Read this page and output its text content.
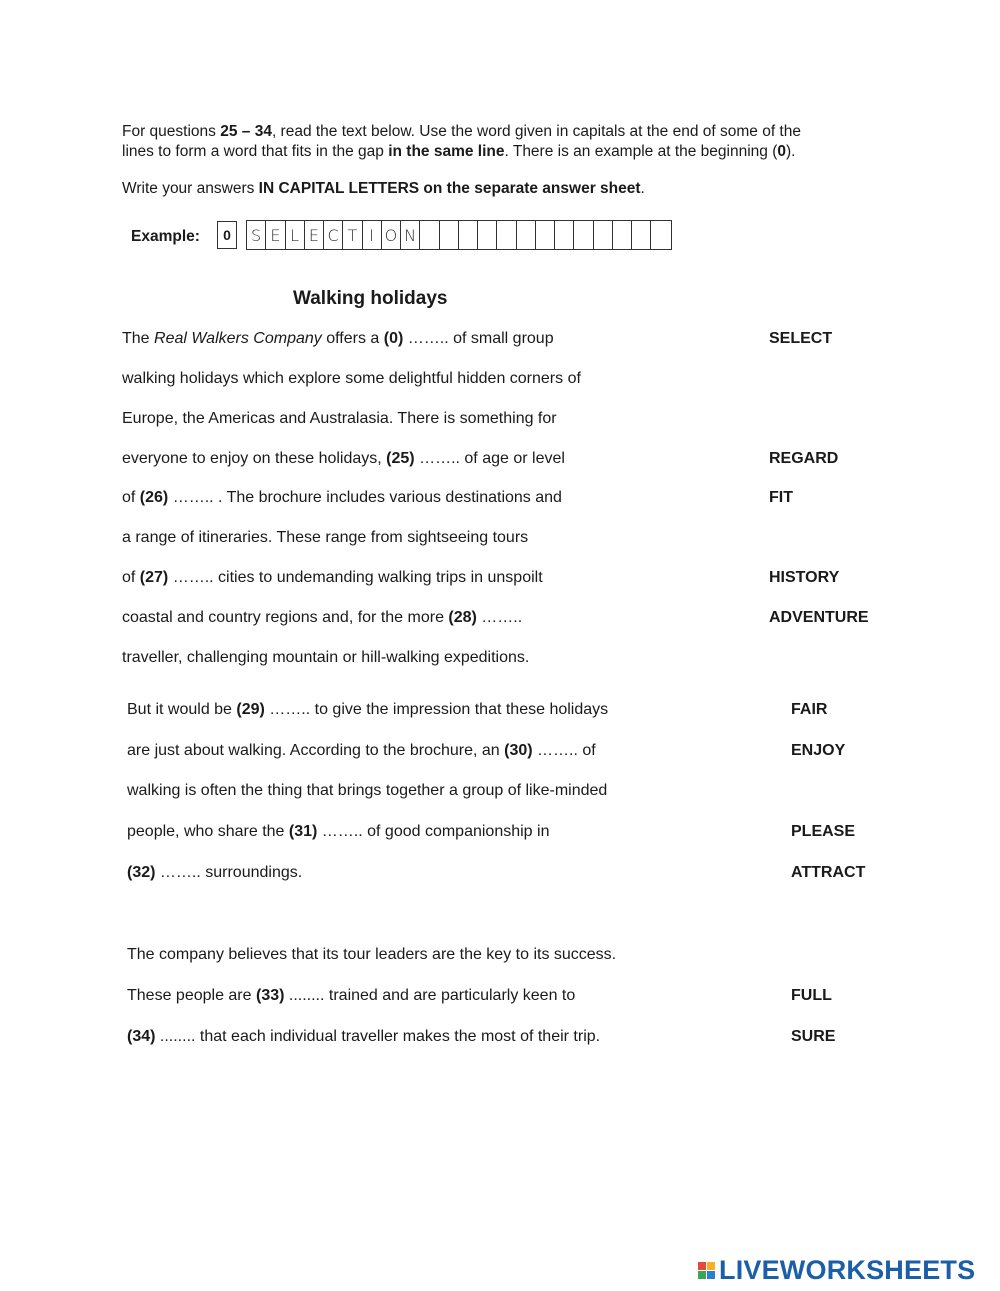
For questions 25 – 34, read the text below. Use the word given in capitals at the end of some of the
lines to form a word that fits in the gap in the same line. There is an example at the beginning (0).
Write your answers IN CAPITAL LETTERS on the separate answer sheet.
Example:	0	S E L E C T I O N
Walking holidays
The Real Walkers Company offers a (0) …….. of small group
walking holidays which explore some delightful hidden corners of
Europe, the Americas and Australasia. There is something for
everyone to enjoy on these holidays, (25) …….. of age or level
of (26) …….. . The brochure includes various destinations and
a range of itineraries. These range from sightseeing tours
of (27) …….. cities to undemanding walking trips in unspoilt
coastal and country regions and, for the more (28) ……..
traveller, challenging mountain or hill-walking expeditions.
SELECT
REGARD
FIT
HISTORY
ADVENTURE
But it would be (29) …….. to give the impression that these holidays
are just about walking. According to the brochure, an (30) …….. of
walking is often the thing that brings together a group of like-minded
people, who share the (31) …….. of good companionship in
(32) …….. surroundings.
FAIR
ENJOY
PLEASE
ATTRACT
The company believes that its tour leaders are the key to its success.
These people are (33) ........ trained and are particularly keen to
(34) ........ that each individual traveller makes the most of their trip.
FULL
SURE
LIVEWORKSHEETS
